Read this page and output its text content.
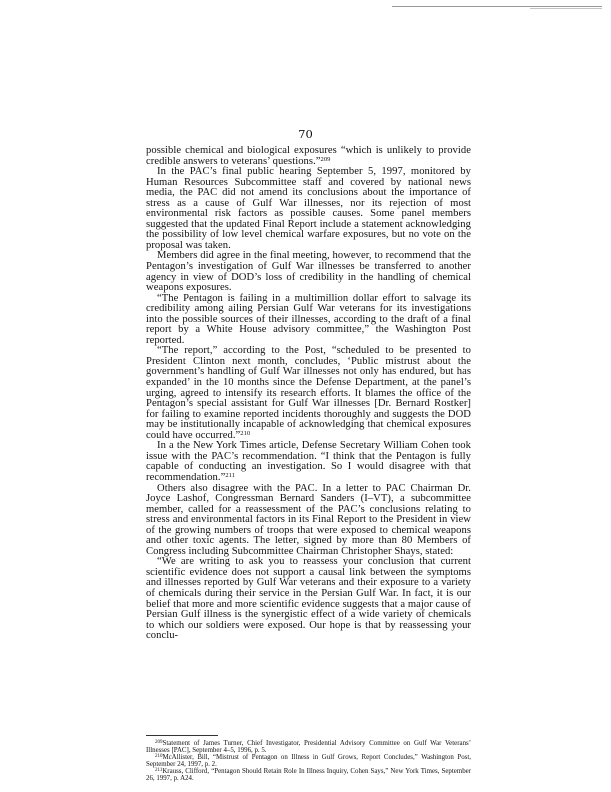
70

possible chemical and biological exposures “which is unlikely to provide credible answers to veterans’ questions.”$^{209}$

In the PAC’s final public hearing September 5, 1997, monitored by Human Resources Subcommittee staff and covered by national news media, the PAC did not amend its conclusions about the importance of stress as a cause of Gulf War illnesses, nor its rejection of most environmental risk factors as possible causes. Some panel members suggested that the updated Final Report include a statement acknowledging the possibility of low level chemical warfare exposures, but no vote on the proposal was taken.

Members did agree in the final meeting, however, to recommend that the Pentagon’s investigation of Gulf War illnesses be transferred to another agency in view of DOD’s loss of credibility in the handling of chemical weapons exposures.

“The Pentagon is failing in a multimillion dollar effort to salvage its credibility among ailing Persian Gulf War veterans for its investigations into the possible sources of their illnesses, according to the draft of a final report by a White House advisory committee,” the Washington Post reported.

“The report,” according to the Post, “scheduled to be presented to President Clinton next month, concludes, ‘Public mistrust about the government’s handling of Gulf War illnesses not only has endured, but has expanded’ in the 10 months since the Defense Department, at the panel’s urging, agreed to intensify its research efforts. It blames the office of the Pentagon’s special assistant for Gulf War illnesses [Dr. Bernard Rostker] for failing to examine reported incidents thoroughly and suggests the DOD may be institutionally incapable of acknowledging that chemical exposures could have occurred.”$^{210}$

In a the New York Times article, Defense Secretary William Cohen took issue with the PAC’s recommendation. “I think that the Pentagon is fully capable of conducting an investigation. So I would disagree with that recommendation.”$^{211}$

Others also disagree with the PAC. In a letter to PAC Chairman Dr. Joyce Lashof, Congressman Bernard Sanders (I–VT), a subcommittee member, called for a reassessment of the PAC’s conclusions relating to stress and environmental factors in its Final Report to the President in view of the growing numbers of troops that were exposed to chemical weapons and other toxic agents. The letter, signed by more than 80 Members of Congress including Subcommittee Chairman Christopher Shays, stated:

“We are writing to ask you to reassess your conclusion that current scientific evidence does not support a causal link between the symptoms and illnesses reported by Gulf War veterans and their exposure to a variety of chemicals during their service in the Persian Gulf War. In fact, it is our belief that more and more scientific evidence suggests that a major cause of Persian Gulf illness is the synergistic effect of a wide variety of chemicals to which our soldiers were exposed. Our hope is that by reassessing your conclu-

$^{209}$Statement of James Turner, Chief Investigator, Presidential Advisory Committee on Gulf War Veterans’ Illnesses [PAC], September 4–5, 1996, p. 5.

$^{210}$McAllister, Bill, “Mistrust of Pentagon on Illness in Gulf Grows, Report Concludes,” Washington Post, September 24, 1997, p. 2.

$^{211}$Krauss, Clifford, “Pentagon Should Retain Role In Illness Inquiry, Cohen Says,” New York Times, September 26, 1997, p. A24.
